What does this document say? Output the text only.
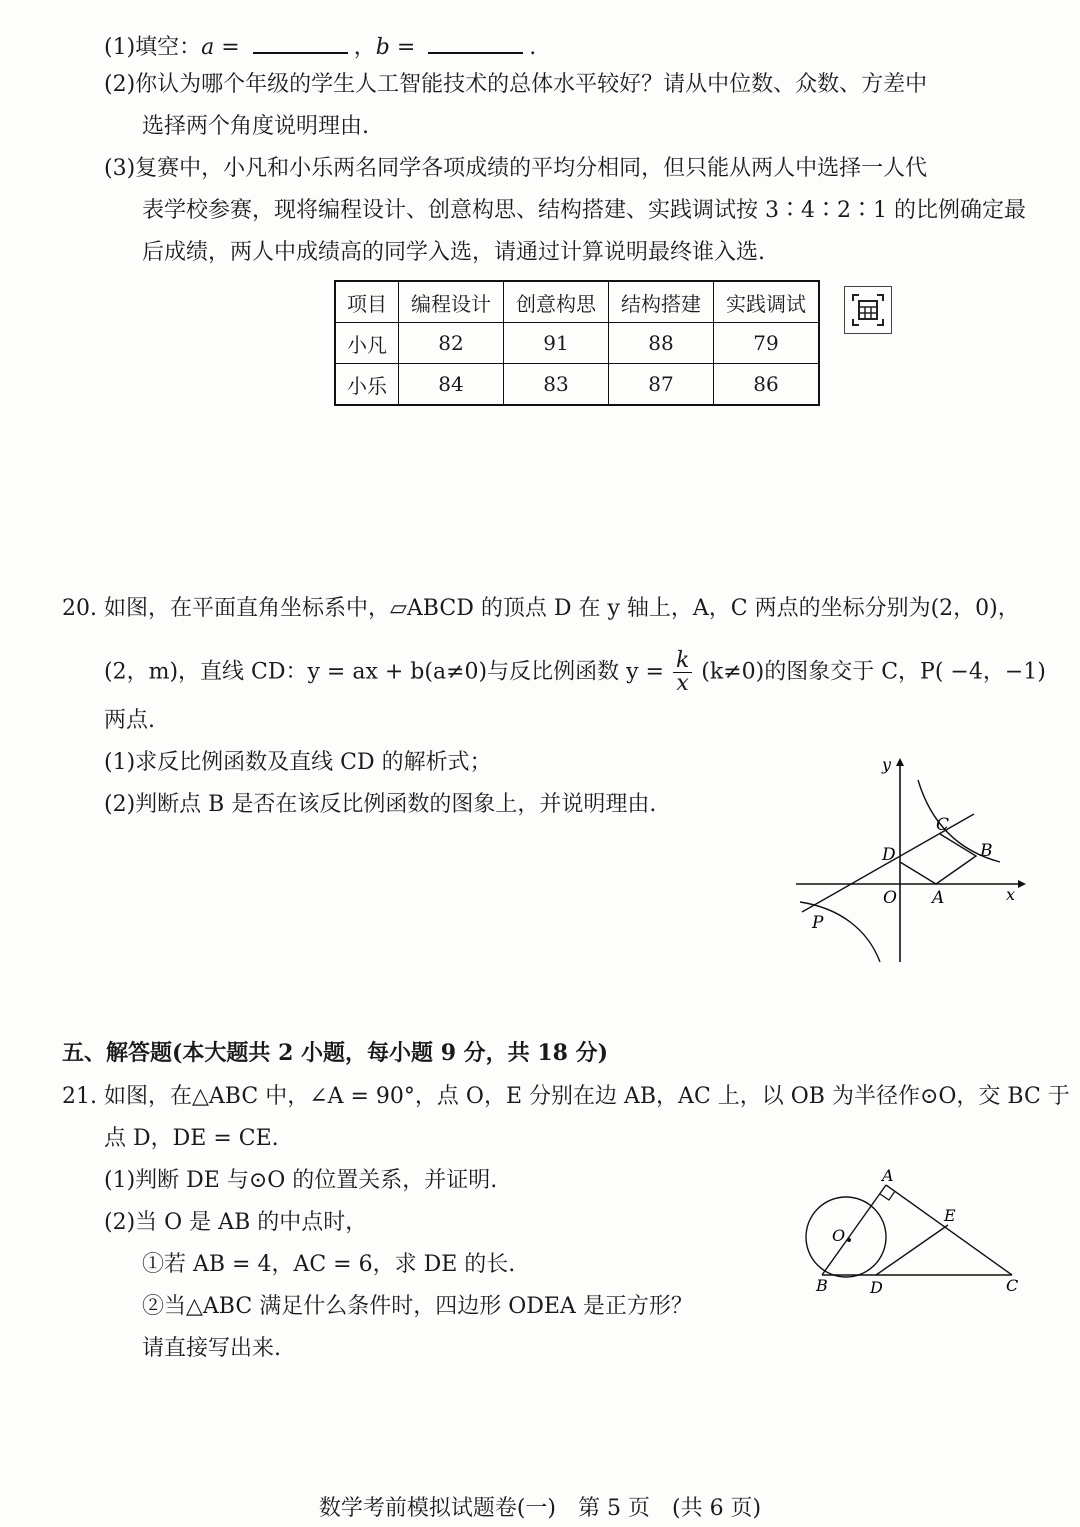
(1)填空：a =	，b =	.
(2)你认为哪个年级的学生人工智能技术的总体水平较好？请从中位数、众数、方差中
选择两个角度说明理由.
(3)复赛中，小凡和小乐两名同学各项成绩的平均分相同，但只能从两人中选择一人代
表学校参赛，现将编程设计、创意构思、结构搭建、实践调试按 3∶4∶2∶1 的比例确定最
后成绩，两人中成绩高的同学入选，请通过计算说明最终谁入选.
项目	编程设计	创意构思	结构搭建	实践调试
小凡	82	91	88	79
小乐	84	83	87	86
20. 如图，在平面直角坐标系中，▱ABCD 的顶点 D 在 y 轴上，A，C 两点的坐标分别为(2，0)，
(2，m)，直线 CD：y = ax + b(a≠0)与反比例函数 $y = \frac{k}{x} (k\ne 0)$的图象交于 C，P( −4，−1)
两点.
(1)求反比例函数及直线 CD 的解析式；
(2)判断点 B 是否在该反比例函数的图象上，并说明理由.
y
x
C
B
D
O A
P
五、解答题(本大题共 2 小题，每小题 9 分，共 18 分)
21. 如图，在△ABC 中，∠A = 90°，点 O，E 分别在边 AB，AC 上，以 OB 为半径作⊙O，交 BC 于
点 D，DE = CE.
(1)判断 DE 与⊙O 的位置关系，并证明.
(2)当 O 是 AB 的中点时，
①若 AB = 4，AC = 6，求 DE 的长.
②当△ABC 满足什么条件时，四边形 ODEA 是正方形？
请直接写出来.
A
E
O
B	D	C
数学考前模拟试题卷(一)　第 5 页　(共 6 页)
